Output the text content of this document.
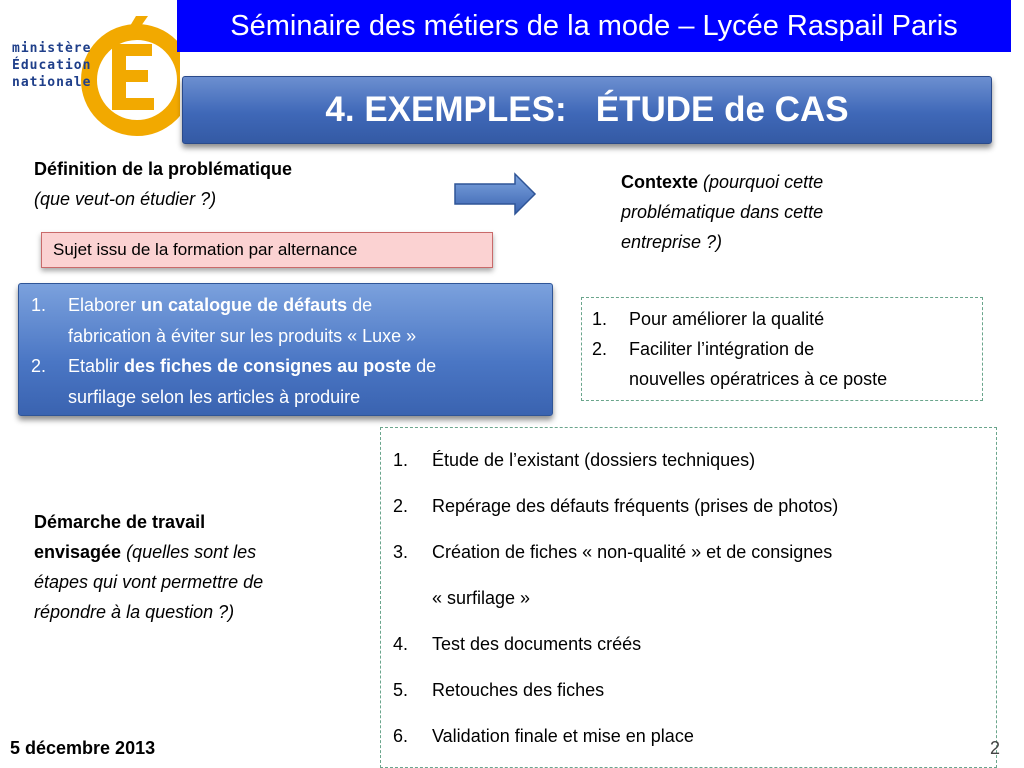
ministère
Éducation
nationale
Séminaire des métiers de la mode – Lycée Raspail Paris
4. EXEMPLES:   ÉTUDE de CAS
Définition de la problématique
(que veut-on étudier ?)
Contexte (pourquoi cette
problématique dans cette
entreprise ?)
Sujet issu de la formation par alternance
1. Elaborer un catalogue de défauts de
fabrication à éviter sur les produits « Luxe »
2. Etablir des fiches de consignes au poste de
surfilage selon les articles à produire
1. Pour améliorer la qualité
2. Faciliter l’intégration de
nouvelles opératrices à ce poste
Démarche de travail
envisagée (quelles sont les
étapes qui vont permettre de
répondre à la question ?)
1. Étude de l’existant (dossiers techniques)
2. Repérage des défauts fréquents (prises de photos)
3. Création de fiches « non-qualité » et de consignes
« surfilage »
4. Test des documents créés
5. Retouches des fiches
6. Validation finale et mise en place
5 décembre 2013	2
